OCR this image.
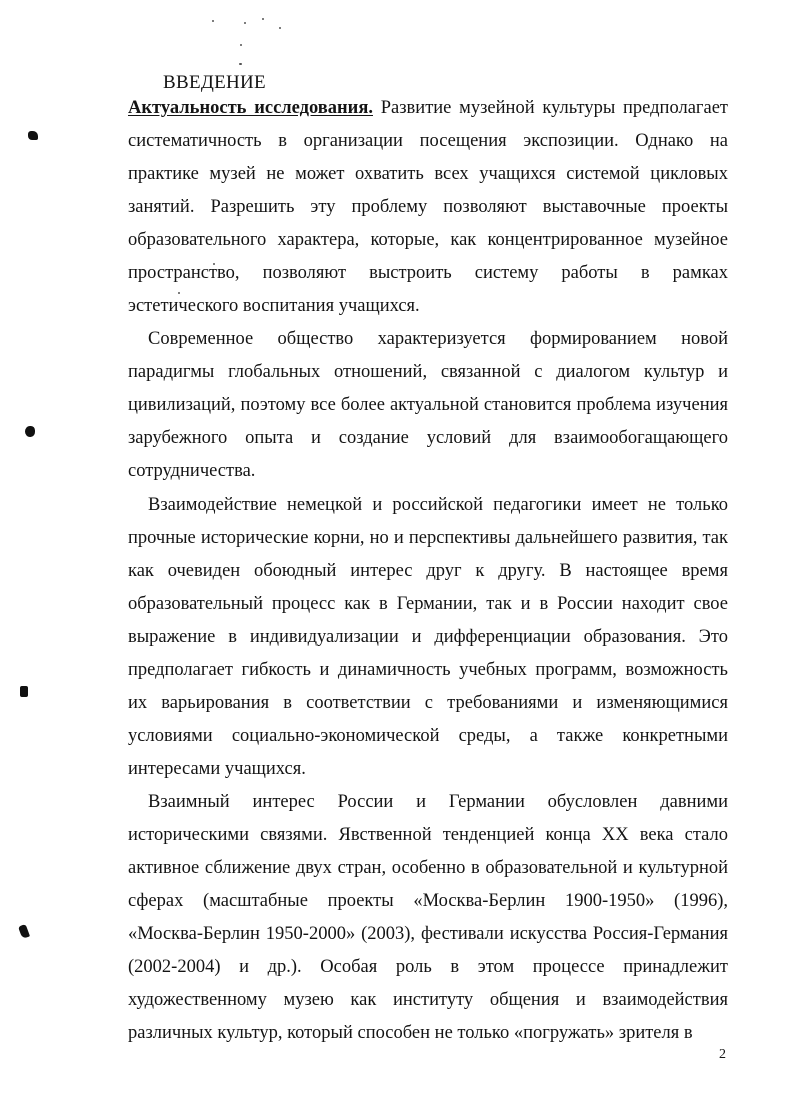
ВВЕДЕНИЕ

Актуальность исследования. Развитие музейной культуры предполагает систематичность в организации посещения экспозиции. Однако на практике музей не может охватить всех учащихся системой цикловых занятий. Разрешить эту проблему позволяют выставочные проекты образовательного характера, которые, как концентрированное музейное пространство, позволяют выстроить систему работы в рамках эстетического воспитания учащихся.

Современное общество характеризуется формированием новой парадигмы глобальных отношений, связанной с диалогом культур и цивилизаций, поэтому все более актуальной становится проблема изучения зарубежного опыта и создание условий для взаимообогащающего сотрудничества.

Взаимодействие немецкой и российской педагогики имеет не только прочные исторические корни, но и перспективы дальнейшего развития, так как очевиден обоюдный интерес друг к другу. В настоящее время образовательный процесс как в Германии, так и в России находит свое выражение в индивидуализации и дифференциации образования. Это предполагает гибкость и динамичность учебных программ, возможность их варьирования в соответствии с требованиями и изменяющимися условиями социально-экономической среды, а также конкретными интересами учащихся.

Взаимный интерес России и Германии обусловлен давними историческими связями. Явственной тенденцией конца XX века стало активное сближение двух стран, особенно в образовательной и культурной сферах (масштабные проекты «Москва-Берлин 1900-1950» (1996), «Москва-Берлин 1950-2000» (2003), фестивали искусства Россия-Германия (2002-2004) и др.). Особая роль в этом процессе принадлежит художественному музею как институту общения и взаимодействия различных культур, который способен не только «погружать» зрителя в

2
